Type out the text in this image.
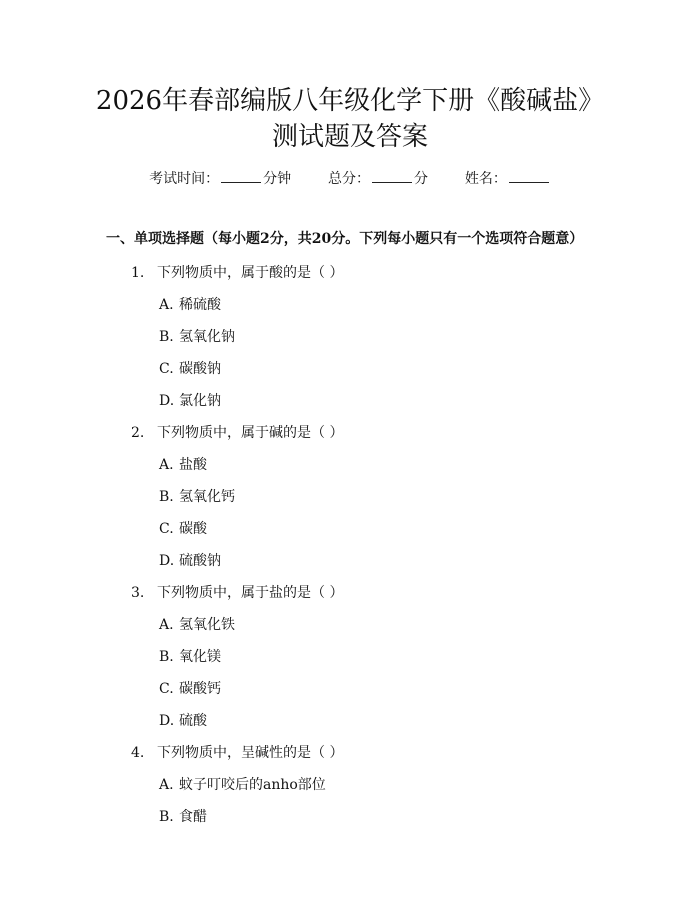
2026年春部编版八年级化学下册《酸碱盐》
测试题及答案
考试时间：	分钟	总分：	分	姓名：
一、单项选择题（每小题2分，共20分。下列每小题只有一个选项符合题意）
1. 下列物质中，属于酸的是（ ）
A. 稀硫酸
B. 氢氧化钠
C. 碳酸钠
D. 氯化钠
2. 下列物质中，属于碱的是（ ）
A. 盐酸
B. 氢氧化钙
C. 碳酸
D. 硫酸钠
3. 下列物质中，属于盐的是（ ）
A. 氢氧化铁
B. 氧化镁
C. 碳酸钙
D. 硫酸
4. 下列物质中，呈碱性的是（ ）
A. 蚊子叮咬后的anho部位
B. 食醋
